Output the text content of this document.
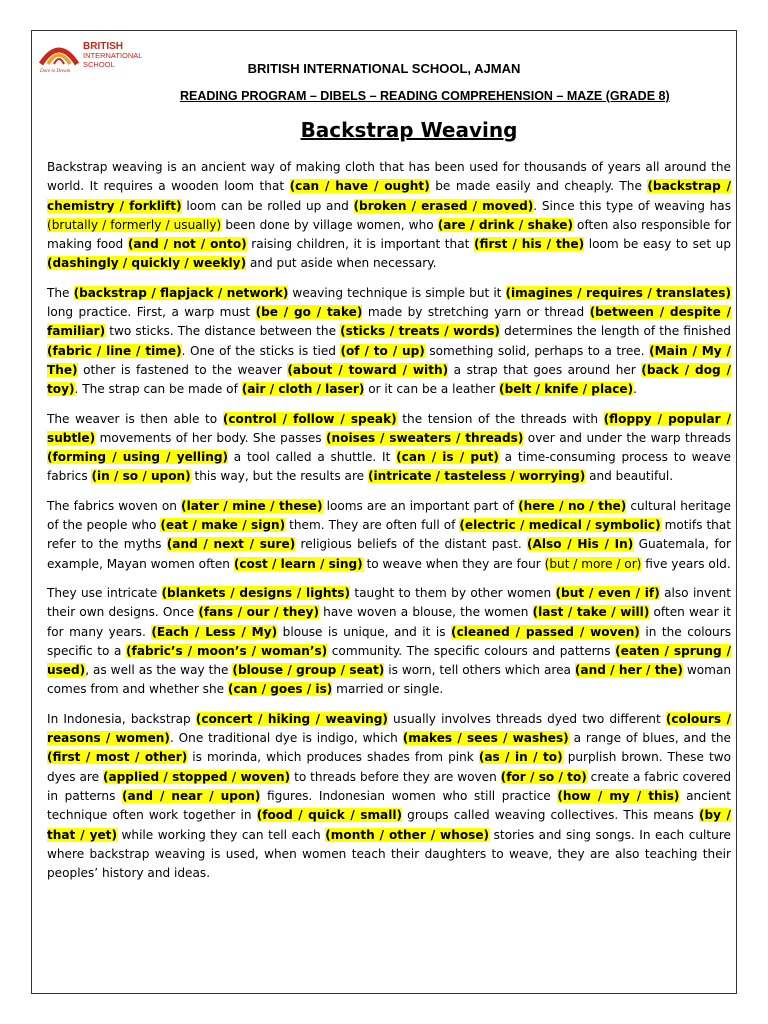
BRITISH
INTERNATIONAL
SCHOOL
Dare to Dream	BRITISH INTERNATIONAL SCHOOL, AJMAN
READING PROGRAM – DIBELS – READING COMPREHENSION – MAZE (GRADE 8)
Backstrap Weaving

Backstrap weaving is an ancient way of making cloth that has been used for thousands of years all around the world. It requires a wooden loom that (can / have / ought) be made easily and cheaply. The (backstrap / chemistry / forklift) loom can be rolled up and (broken / erased / moved). Since this type of weaving has (brutally / formerly / usually) been done by village women, who (are / drink / shake) often also responsible for making food (and / not / onto) raising children, it is important that (first / his / the) loom be easy to set up (dashingly / quickly / weekly) and put aside when necessary.

The (backstrap / flapjack / network) weaving technique is simple but it (imagines / requires / translates) long practice. First, a warp must (be / go / take) made by stretching yarn or thread (between / despite / familiar) two sticks. The distance between the (sticks / treats / words) determines the length of the finished (fabric / line / time). One of the sticks is tied (of / to / up) something solid, perhaps to a tree. (Main / My / The) other is fastened to the weaver (about / toward / with) a strap that goes around her (back / dog / toy). The strap can be made of (air / cloth / laser) or it can be a leather (belt / knife / place).

The weaver is then able to (control / follow / speak) the tension of the threads with (floppy / popular / subtle) movements of her body. She passes (noises / sweaters / threads) over and under the warp threads (forming / using / yelling) a tool called a shuttle. It (can / is / put) a time-consuming process to weave fabrics (in / so / upon) this way, but the results are (intricate / tasteless / worrying) and beautiful.

The fabrics woven on (later / mine / these) looms are an important part of (here / no / the) cultural heritage of the people who (eat / make / sign) them. They are often full of (electric / medical / symbolic) motifs that refer to the myths (and / next / sure) religious beliefs of the distant past. (Also / His / In) Guatemala, for example, Mayan women often (cost / learn / sing) to weave when they are four (but / more / or) five years old.

They use intricate (blankets / designs / lights) taught to them by other women (but / even / if) also invent their own designs. Once (fans / our / they) have woven a blouse, the women (last / take / will) often wear it for many years. (Each / Less / My) blouse is unique, and it is (cleaned / passed / woven) in the colours specific to a (fabric’s / moon’s / woman’s) community. The specific colours and patterns (eaten / sprung / used), as well as the way the (blouse / group / seat) is worn, tell others which area (and / her / the) woman comes from and whether she (can / goes / is) married or single.

In Indonesia, backstrap (concert / hiking / weaving) usually involves threads dyed two different (colours / reasons / women). One traditional dye is indigo, which (makes / sees / washes) a range of blues, and the (first / most / other) is morinda, which produces shades from pink (as / in / to) purplish brown. These two dyes are (applied / stopped / woven) to threads before they are woven (for / so / to) create a fabric covered in patterns (and / near / upon) figures. Indonesian women who still practice (how / my / this) ancient technique often work together in (food / quick / small) groups called weaving collectives. This means (by / that / yet) while working they can tell each (month / other / whose) stories and sing songs. In each culture where backstrap weaving is used, when women teach their daughters to weave, they are also teaching their peoples’ history and ideas.
